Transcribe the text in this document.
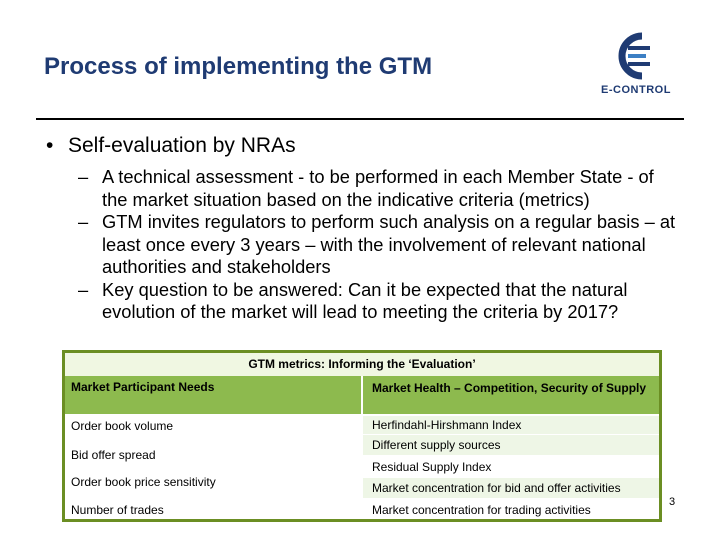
Process of implementing the GTM
E-CONTROL
• Self-evaluation by NRAs
– A technical assessment - to be performed in each Member State - of the market situation based on the indicative criteria (metrics)
– GTM invites regulators to perform such analysis on a regular basis – at least once every 3 years – with the involvement of relevant national authorities and stakeholders
– Key question to be answered: Can it be expected that the natural evolution of the market will lead to meeting the criteria by 2017?
GTM metrics: Informing the ‘Evaluation’
Market Participant Needs	Market Health – Competition, Security of Supply
Order book volume
Bid offer spread
Order book price sensitivity
Number of trades
Herfindahl-Hirshmann Index
Different supply sources
Residual Supply Index
Market concentration for bid and offer activities
Market concentration for trading activities
3
